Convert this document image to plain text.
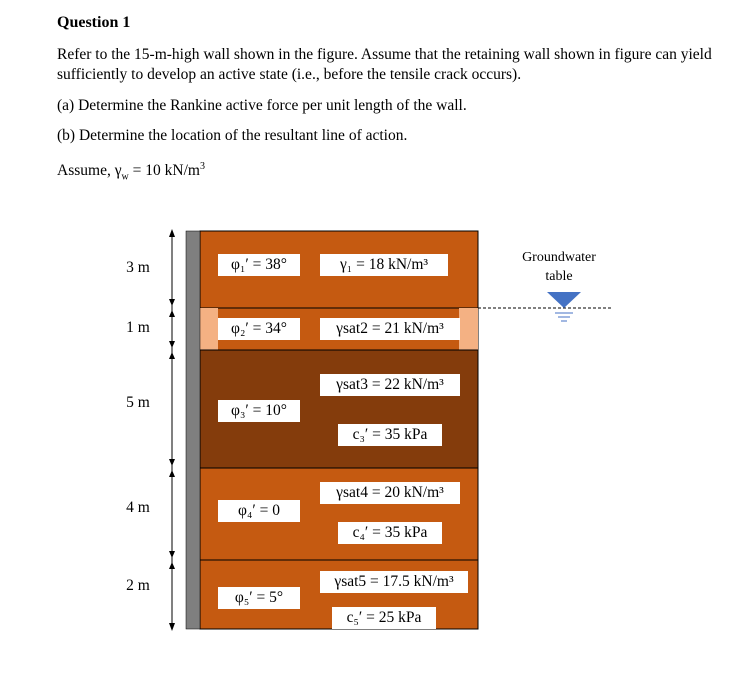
Question 1
Refer to the 15-m-high wall shown in the figure. Assume that the retaining wall shown in figure can yield sufficiently to develop an active state (i.e., before the tensile crack occurs).
(a) Determine the Rankine active force per unit length of the wall.
(b) Determine the location of the resultant line of action.
Assume, $\gamma_w = 10$ $kN/m^3$
3 m
1 m
5 m
4 m
2 m
Groundwater
table
φ₁′ = 38°	γ₁ = 18 kN/m³
φ₂′ = 34°	γsat2 = 21 kN/m³
γsat3 = 22 kN/m³
φ₃′ = 10°
c₃′ = 35 kPa
γsat4 = 20 kN/m³
φ₄′ = 0
c₄′ = 35 kPa
γsat5 = 17.5 kN/m³
φ₅′ = 5°
c₅′ = 25 kPa
